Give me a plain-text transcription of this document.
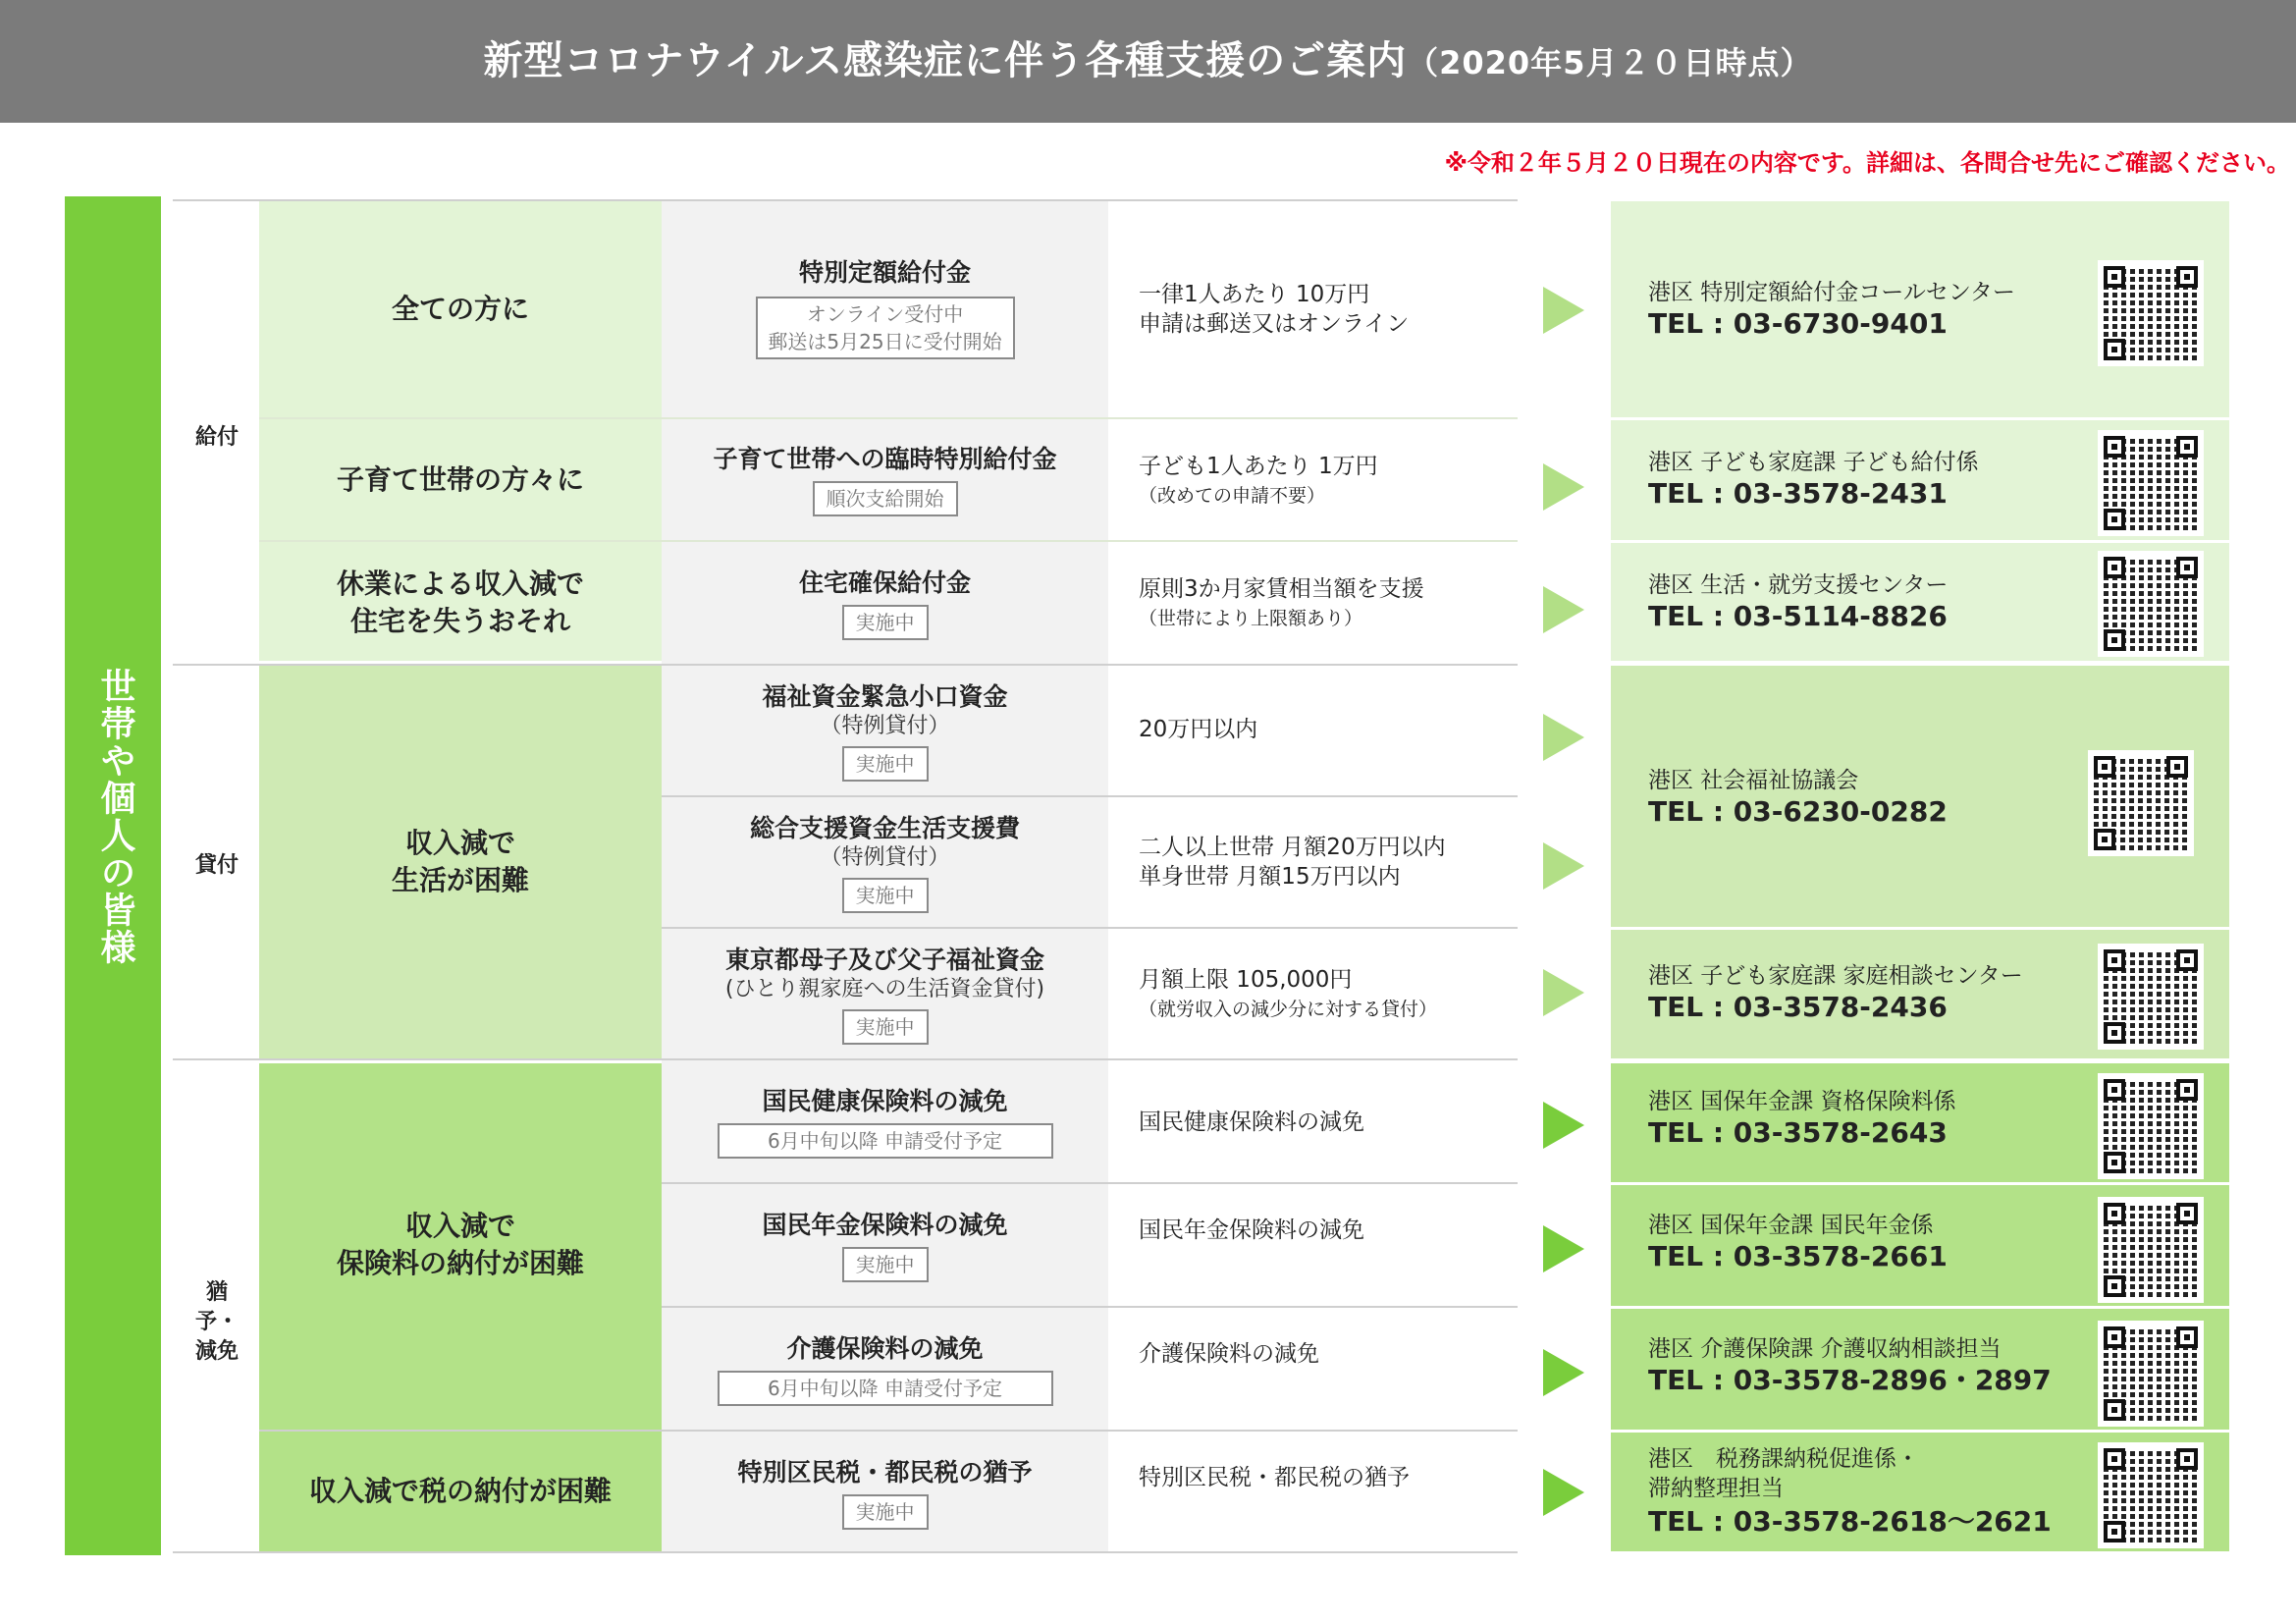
新型コロナウイルス感染症に伴う各種支援のご案内（2020年5月２０日時点）
※令和２年５月２０日現在の内容です。詳細は、各問合せ先にご確認ください。
世帯や個人の皆様
給付
貸付
猶予・減免
全ての方に
子育て世帯の方々に
休業による収入減で
住宅を失うおそれ
収入減で
生活が困難
収入減で
保険料の納付が困難
収入減で税の納付が困難
特別定額給付金
オンライン受付中
郵送は5月25日に受付開始
子育て世帯への臨時特別給付金
順次支給開始
住宅確保給付金
実施中
福祉資金緊急小口資金
（特例貸付）
実施中
総合支援資金生活支援費
（特例貸付）
実施中
東京都母子及び父子福祉資金
(ひとり親家庭への生活資金貸付)
実施中
国民健康保険料の減免
6月中旬以降 申請受付予定
国民年金保険料の減免
実施中
介護保険料の減免
6月中旬以降 申請受付予定
特別区民税・都民税の猶予
実施中
一律1人あたり 10万円
申請は郵送又はオンライン
子ども1人あたり 1万円
（改めての申請不要）
原則3か月家賃相当額を支援
（世帯により上限額あり）
20万円以内
二人以上世帯 月額20万円以内
単身世帯 月額15万円以内
月額上限 105,000円
（就労収入の減少分に対する貸付）
国民健康保険料の減免
国民年金保険料の減免
介護保険料の減免
特別区民税・都民税の猶予
港区 特別定額給付金コールセンター
TEL : 03-6730-9401
港区 子ども家庭課 子ども給付係
TEL : 03-3578-2431
港区 生活・就労支援センター
TEL : 03-5114-8826
港区 社会福祉協議会
TEL : 03-6230-0282
港区 子ども家庭課 家庭相談センター
TEL : 03-3578-2436
港区 国保年金課 資格保険料係
TEL : 03-3578-2643
港区 国保年金課 国民年金係
TEL : 03-3578-2661
港区 介護保険課 介護収納相談担当
TEL : 03-3578-2896・2897
港区　税務課納税促進係・
滞納整理担当
TEL : 03-3578-2618～2621
